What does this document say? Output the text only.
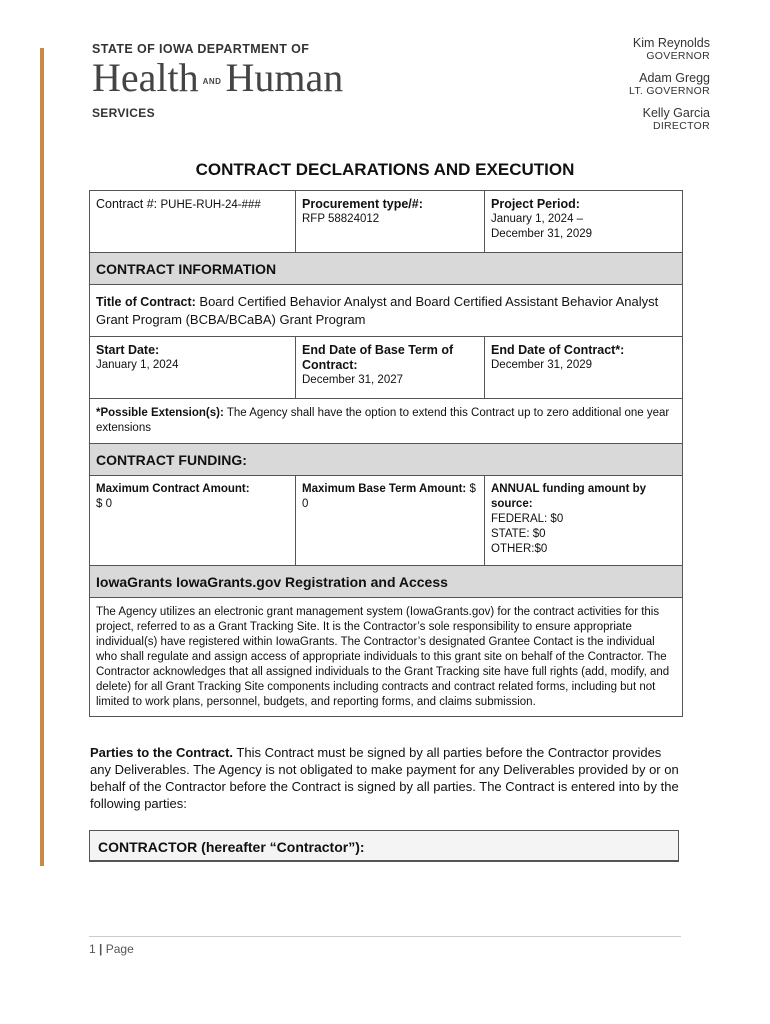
STATE OF IOWA DEPARTMENT OF
Health AND Human
SERVICES
Kim Reynolds
GOVERNOR
Adam Gregg
LT. GOVERNOR
Kelly Garcia
DIRECTOR
CONTRACT DECLARATIONS AND EXECUTION
Contract #: PUHE-RUH-24-###	Procurement type/#:
RFP 58824012
Project Period:
January 1, 2024 –
December 31, 2029
CONTRACT INFORMATION
Title of Contract: Board Certified Behavior Analyst and Board Certified Assistant Behavior Analyst Grant Program (BCBA/BCaBA) Grant Program
Start Date:
January 1, 2024
End Date of Base Term of Contract:
December 31, 2027
End Date of Contract*:
December 31, 2029
*Possible Extension(s): The Agency shall have the option to extend this Contract up to zero additional one year extensions
CONTRACT FUNDING:
Maximum Contract Amount:
$ 0
Maximum Base Term Amount: $ 0
ANNUAL funding amount by source:
FEDERAL: $0
STATE: $0
OTHER:$0
IowaGrants IowaGrants.gov Registration and Access
The Agency utilizes an electronic grant management system (IowaGrants.gov) for the contract activities for this project, referred to as a Grant Tracking Site. It is the Contractor’s sole responsibility to ensure appropriate individual(s) have registered within IowaGrants. The Contractor’s designated Grantee Contact is the individual who shall regulate and assign access of appropriate individuals to this grant site on behalf of the Contractor. The Contractor acknowledges that all assigned individuals to the Grant Tracking site have full rights (add, modify, and delete) for all Grant Tracking Site components including contracts and contract related forms, including but not limited to work plans, personnel, budgets, and reporting forms, and claims submission.
Parties to the Contract. This Contract must be signed by all parties before the Contractor provides any Deliverables. The Agency is not obligated to make payment for any Deliverables provided by or on behalf of the Contractor before the Contract is signed by all parties. The Contract is entered into by the following parties:
CONTRACTOR (hereafter “Contractor”):
1 | Page
